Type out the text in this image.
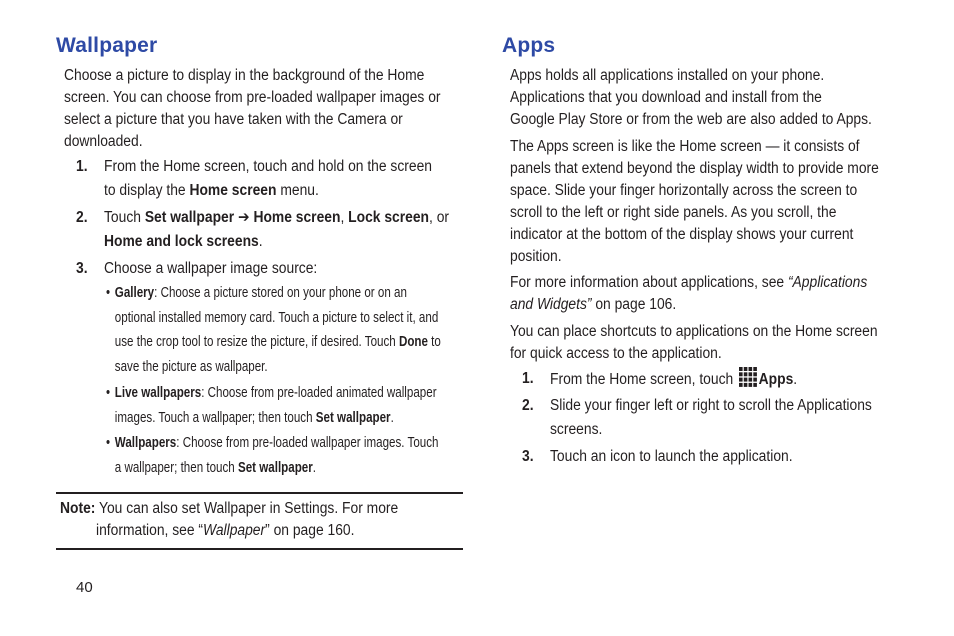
Wallpaper
Choose a picture to display in the background of the Home
screen. You can choose from pre-loaded wallpaper images or
select a picture that you have taken with the Camera or
downloaded.
1. From the Home screen, touch and hold on the screen
to display the Home screen menu.
2. Touch Set wallpaper ➔ Home screen, Lock screen, or
Home and lock screens.
3. Choose a wallpaper image source:
• Gallery: Choose a picture stored on your phone or on an
optional installed memory card. Touch a picture to select it, and
use the crop tool to resize the picture, if desired. Touch Done to
save the picture as wallpaper.
• Live wallpapers: Choose from pre-loaded animated wallpaper
images. Touch a wallpaper; then touch Set wallpaper.
• Wallpapers: Choose from pre-loaded wallpaper images. Touch
a wallpaper; then touch Set wallpaper.
Note: You can also set Wallpaper in Settings. For more
information, see “Wallpaper” on page 160.
40
Apps
Apps holds all applications installed on your phone.
Applications that you download and install from the
Google Play Store or from the web are also added to Apps.
The Apps screen is like the Home screen — it consists of
panels that extend beyond the display width to provide more
space. Slide your finger horizontally across the screen to
scroll to the left or right side panels. As you scroll, the
indicator at the bottom of the display shows your current
position.
For more information about applications, see “Applications
and Widgets” on page 106.
You can place shortcuts to applications on the Home screen
for quick access to the application.
1. From the Home screen, touch Apps.
2. Slide your finger left or right to scroll the Applications
screens.
3. Touch an icon to launch the application.
